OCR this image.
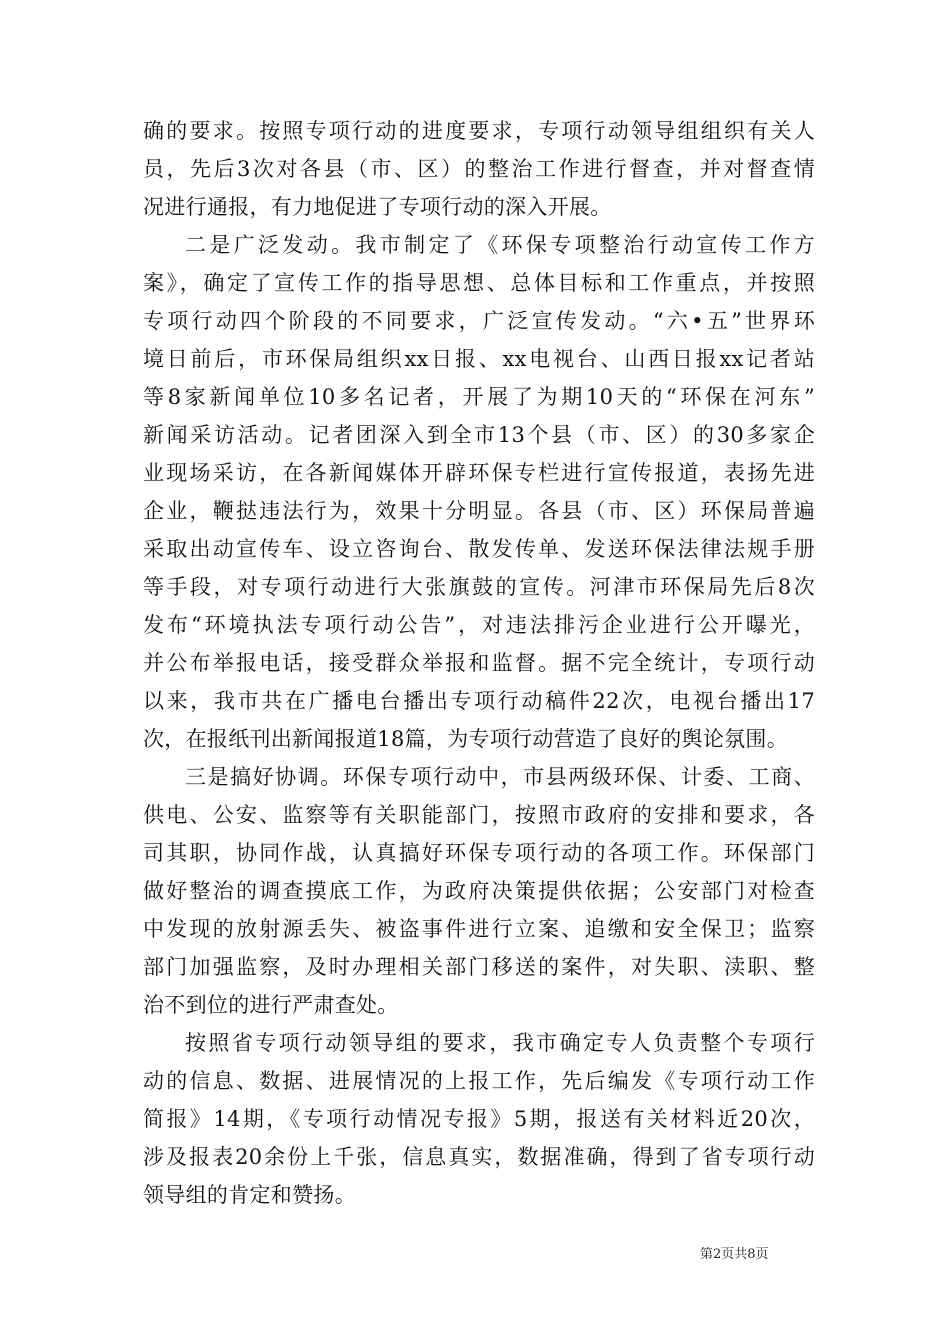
确的要求。按照专项行动的进度要求，专项行动领导组组织有关人
员，先后3次对各县（市、区）的整治工作进行督查，并对督查情
况进行通报，有力地促进了专项行动的深入开展。
二是广泛发动。我市制定了《环保专项整治行动宣传工作方
案》，确定了宣传工作的指导思想、总体目标和工作重点，并按照
专项行动四个阶段的不同要求，广泛宣传发动。“六•五”世界环
境日前后，市环保局组织xx日报、xx电视台、山西日报xx记者站
等8家新闻单位10多名记者，开展了为期10天的“环保在河东”
新闻采访活动。记者团深入到全市13个县（市、区）的30多家企
业现场采访，在各新闻媒体开辟环保专栏进行宣传报道，表扬先进
企业，鞭挞违法行为，效果十分明显。各县（市、区）环保局普遍
采取出动宣传车、设立咨询台、散发传单、发送环保法律法规手册
等手段，对专项行动进行大张旗鼓的宣传。河津市环保局先后8次
发布“环境执法专项行动公告”，对违法排污企业进行公开曝光，
并公布举报电话，接受群众举报和监督。据不完全统计，专项行动
以来，我市共在广播电台播出专项行动稿件22次，电视台播出17
次，在报纸刊出新闻报道18篇，为专项行动营造了良好的舆论氛围。
三是搞好协调。环保专项行动中，市县两级环保、计委、工商、
供电、公安、监察等有关职能部门，按照市政府的安排和要求，各
司其职，协同作战，认真搞好环保专项行动的各项工作。环保部门
做好整治的调查摸底工作，为政府决策提供依据；公安部门对检查
中发现的放射源丢失、被盗事件进行立案、追缴和安全保卫；监察
部门加强监察，及时办理相关部门移送的案件，对失职、渎职、整
治不到位的进行严肃查处。
按照省专项行动领导组的要求，我市确定专人负责整个专项行
动的信息、数据、进展情况的上报工作，先后编发《专项行动工作
简报》14期，《专项行动情况专报》5期，报送有关材料近20次，
涉及报表20余份上千张，信息真实，数据准确，得到了省专项行动
领导组的肯定和赞扬。
第2页共8页
